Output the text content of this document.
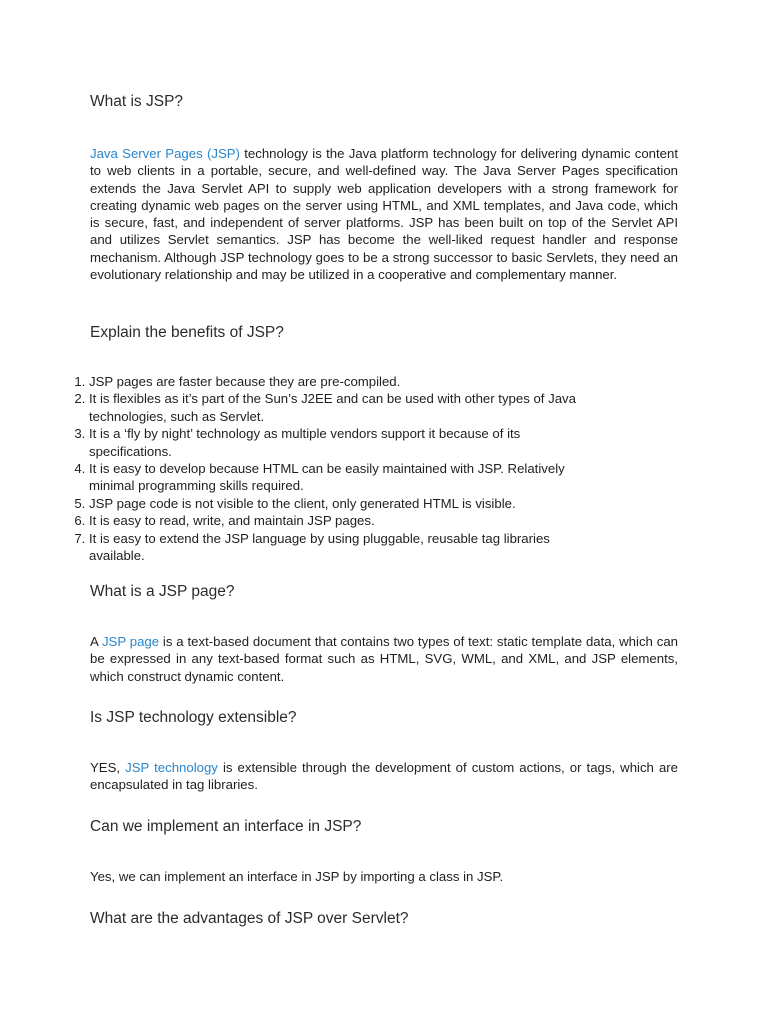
What is JSP?

Java Server Pages (JSP) technology is the Java platform technology for delivering dynamic content to web clients in a portable, secure, and well-defined way. The Java Server Pages specification extends the Java Servlet API to supply web application developers with a strong framework for creating dynamic web pages on the server using HTML, and XML templates, and Java code, which is secure, fast, and independent of server platforms. JSP has been built on top of the Servlet API and utilizes Servlet semantics. JSP has become the well-liked request handler and response mechanism. Although JSP technology goes to be a strong successor to basic Servlets, they need an evolutionary relationship and may be utilized in a cooperative and complementary manner.

Explain the benefits of JSP?
What is a JSP page?

A JSP page is a text-based document that contains two types of text: static template data, which can be expressed in any text-based format such as HTML, SVG, WML, and XML, and JSP elements, which construct dynamic content.

Is JSP technology extensible?

YES, JSP technology is extensible through the development of custom actions, or tags, which are encapsulated in tag libraries.

Can we implement an interface in JSP?

Yes, we can implement an interface in JSP by importing a class in JSP.

What are the advantages of JSP over Servlet?
1. JSP pages are faster because they are pre-compiled.
2. It is flexibles as it’s part of the Sun’s J2EE and can be used with other types of Java technologies, such as Servlet.
3. It is a ‘fly by night’ technology as multiple vendors support it because of its specifications.
4. It is easy to develop because HTML can be easily maintained with JSP. Relatively minimal programming skills required.
5. JSP page code is not visible to the client, only generated HTML is visible.
6. It is easy to read, write, and maintain JSP pages.
7. It is easy to extend the JSP language by using pluggable, reusable tag libraries available.
